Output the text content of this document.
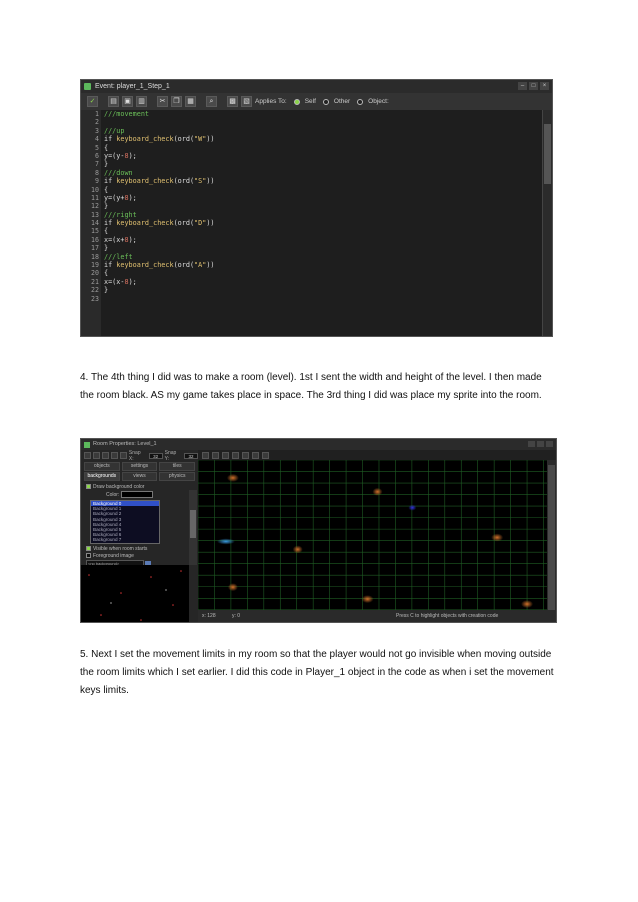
Event: player_1_Step_1	–	□	×
✓	▤	▣	▥	✂	❐	▦	⌕	▩	▧ Applies To:	Self	Other	Object:
1
2
3
4
5
6
7
8
9
10
11
12
13
14
15
16
17
18
19
20
21
22
23
///movement

///up
if keyboard_check(ord("W"))
{
y=(y-8);
}
///down
if keyboard_check(ord("S"))
{
y=(y+8);
}
///right
if keyboard_check(ord("D"))
{
x=(x+8);
}
///left
if keyboard_check(ord("A"))
{
x=(x-8);
}

4. The 4th thing I did was to make a room (level). 1st I sent the width and height of the level. I then made the room black. AS my game takes place in space. The 3rd thing I did was place my sprite into the room.
Room Properties: Level_1
Snap X:	32
Snap Y:	32
objects	settings	tiles
backgrounds	views	physics
Draw background color
Color:
Background 0
Background 1
Background 2
Background 3
Background 4
Background 5
Background 6
Background 7
Visible when room starts
Foreground image
<no background>

x: 128	y: 0	Press C to highlight objects with creation code
5. Next I set the movement limits in my room so that the player would not go invisible when moving outside the room limits which I set earlier. I did this code in Player_1 object in the code as when i set the movement keys limits.
